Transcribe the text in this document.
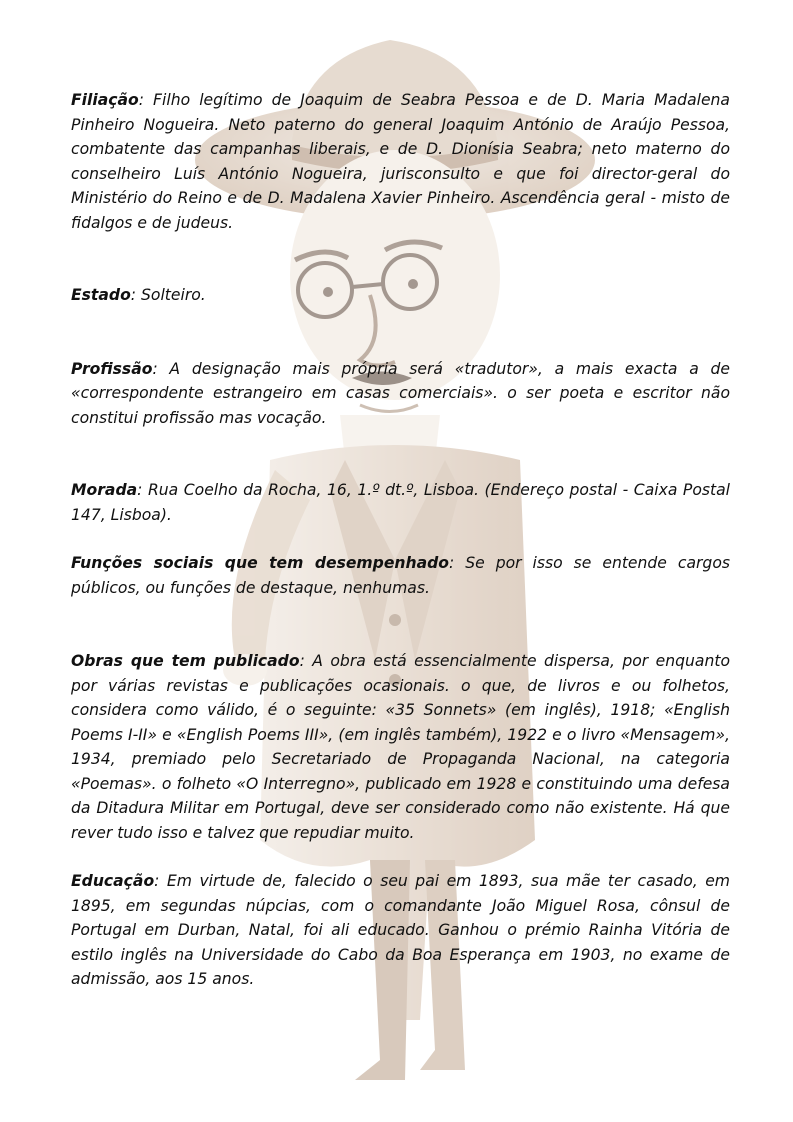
Filiação: Filho legítimo de Joaquim de Seabra Pessoa e de D. Maria Madalena Pinheiro Nogueira. Neto paterno do general Joaquim António de Araújo Pessoa, combatente das campanhas liberais, e de D. Dionísia Seabra; neto materno do conselheiro Luís António Nogueira, jurisconsulto e que foi director-geral do Ministério do Reino e de D. Madalena Xavier Pinheiro. Ascendência geral - misto de fidalgos e de judeus.

Estado: Solteiro.

Profissão: A designação mais própria será «tradutor», a mais exacta a de «correspondente estrangeiro em casas comerciais». o ser poeta e escritor não constitui profissão mas vocação.

Morada: Rua Coelho da Rocha, 16, 1.º dt.º, Lisboa. (Endereço postal - Caixa Postal 147, Lisboa).

Funções sociais que tem desempenhado: Se por isso se entende cargos públicos, ou funções de destaque, nenhumas.

Obras que tem publicado: A obra está essencialmente dispersa, por enquanto por várias revistas e publicações ocasionais. o que, de livros e ou folhetos, considera como válido, é o seguinte: «35 Sonnets» (em inglês), 1918; «English Poems I-II» e «English Poems III», (em inglês também), 1922 e o livro «Mensagem», 1934, premiado pelo Secretariado de Propaganda Nacional, na categoria «Poemas». o folheto «O Interregno», publicado em 1928 e constituindo uma defesa da Ditadura Militar em Portugal, deve ser considerado como não existente. Há que rever tudo isso e talvez que repudiar muito.

Educação: Em virtude de, falecido o seu pai em 1893, sua mãe ter casado, em 1895, em segundas núpcias, com o comandante João Miguel Rosa, cônsul de Portugal em Durban, Natal, foi ali educado. Ganhou o prémio Rainha Vitória de estilo inglês na Universidade do Cabo da Boa Esperança em 1903, no exame de admissão, aos 15 anos.
